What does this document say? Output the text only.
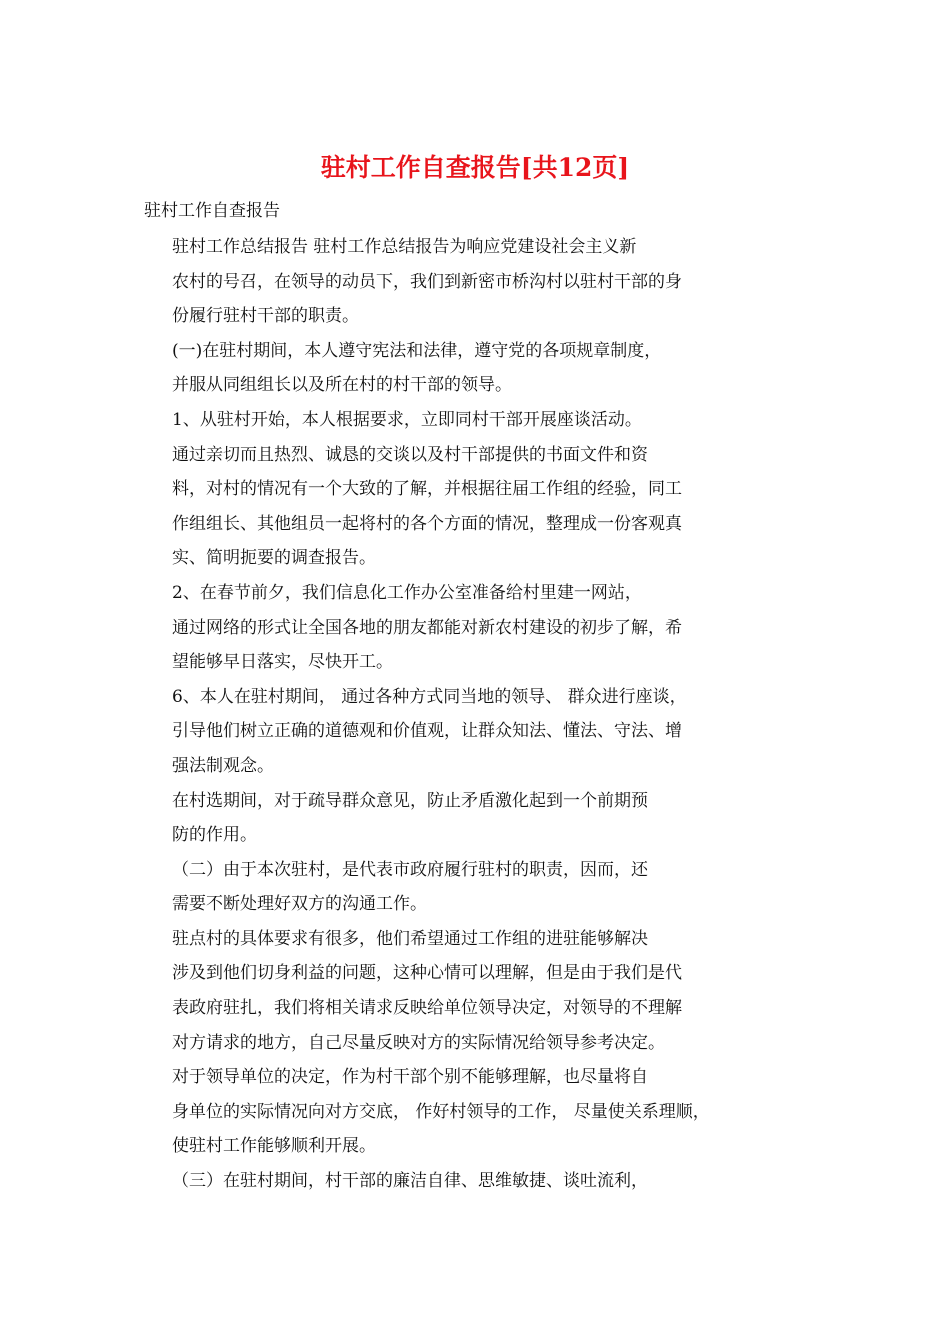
驻村工作自查报告[共12页]
驻村工作自查报告
驻村工作总结报告 驻村工作总结报告为响应党建设社会主义新
农村的号召，在领导的动员下，我们到新密市桥沟村以驻村干部的身
份履行驻村干部的职责。
(一)在驻村期间，本人遵守宪法和法律，遵守党的各项规章制度，
并服从同组组长以及所在村的村干部的领导。
1、从驻村开始，本人根据要求，立即同村干部开展座谈活动。
通过亲切而且热烈、诚恳的交谈以及村干部提供的书面文件和资
料，对村的情况有一个大致的了解，并根据往届工作组的经验，同工
作组组长、其他组员一起将村的各个方面的情况，整理成一份客观真
实、简明扼要的调查报告。
2、在春节前夕，我们信息化工作办公室准备给村里建一网站，
通过网络的形式让全国各地的朋友都能对新农村建设的初步了解，希
望能够早日落实，尽快开工。
6、本人在驻村期间， 通过各种方式同当地的领导、 群众进行座谈，
引导他们树立正确的道德观和价值观，让群众知法、懂法、守法、增
强法制观念。
在村选期间，对于疏导群众意见，防止矛盾激化起到一个前期预
防的作用。
（二）由于本次驻村，是代表市政府履行驻村的职责，因而，还
需要不断处理好双方的沟通工作。
驻点村的具体要求有很多，他们希望通过工作组的进驻能够解决
涉及到他们切身利益的问题，这种心情可以理解，但是由于我们是代
表政府驻扎，我们将相关请求反映给单位领导决定，对领导的不理解
对方请求的地方，自己尽量反映对方的实际情况给领导参考决定。
对于领导单位的决定，作为村干部个别不能够理解，也尽量将自
身单位的实际情况向对方交底， 作好村领导的工作， 尽量使关系理顺，
使驻村工作能够顺利开展。
（三）在驻村期间，村干部的廉洁自律、思维敏捷、谈吐流利，
